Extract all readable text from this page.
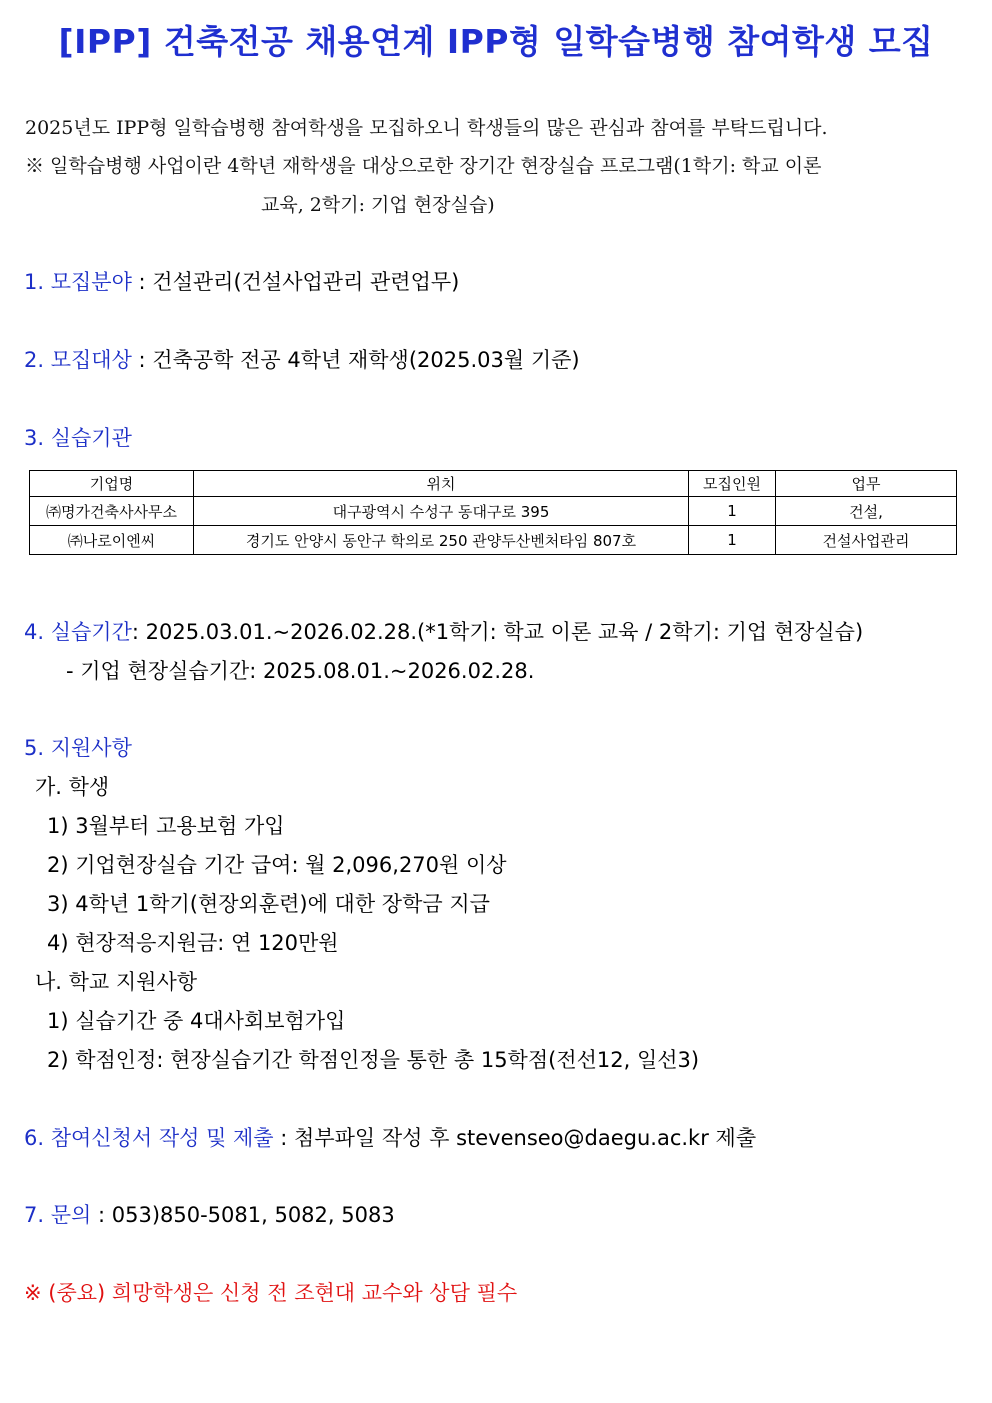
[IPP] 건축전공 채용연계 IPP형 일학습병행 참여학생 모집
2025년도 IPP형 일학습병행 참여학생을 모집하오니 학생들의 많은 관심과 참여를 부탁드립니다.
※ 일학습병행 사업이란 4학년 재학생을 대상으로한 장기간 현장실습 프로그램(1학기: 학교 이론
교육, 2학기: 기업 현장실습)
1. 모집분야 : 건설관리(건설사업관리 관련업무)
2. 모집대상 : 건축공학 전공 4학년 재학생(2025.03월 기준)
3. 실습기관
기업명	위치	모집인원	업무
㈜명가건축사사무소	대구광역시 수성구 동대구로 395	1	건설,
㈜나로이엔씨	경기도 안양시 동안구 학의로 250 관양두산벤처타임 807호	1	건설사업관리
4. 실습기간: 2025.03.01.~2026.02.28.(*1학기: 학교 이론 교육 / 2학기: 기업 현장실습)
- 기업 현장실습기간: 2025.08.01.~2026.02.28.
5. 지원사항
가. 학생
1) 3월부터 고용보험 가입
2) 기업현장실습 기간 급여: 월 2,096,270원 이상
3) 4학년 1학기(현장외훈련)에 대한 장학금 지급
4) 현장적응지원금: 연 120만원
나. 학교 지원사항
1) 실습기간 중 4대사회보험가입
2) 학점인정: 현장실습기간 학점인정을 통한 총 15학점(전선12, 일선3)
6. 참여신청서 작성 및 제출 : 첨부파일 작성 후 stevenseo@daegu.ac.kr 제출
7. 문의 : 053)850-5081, 5082, 5083
※ (중요) 희망학생은 신청 전 조현대 교수와 상담 필수
